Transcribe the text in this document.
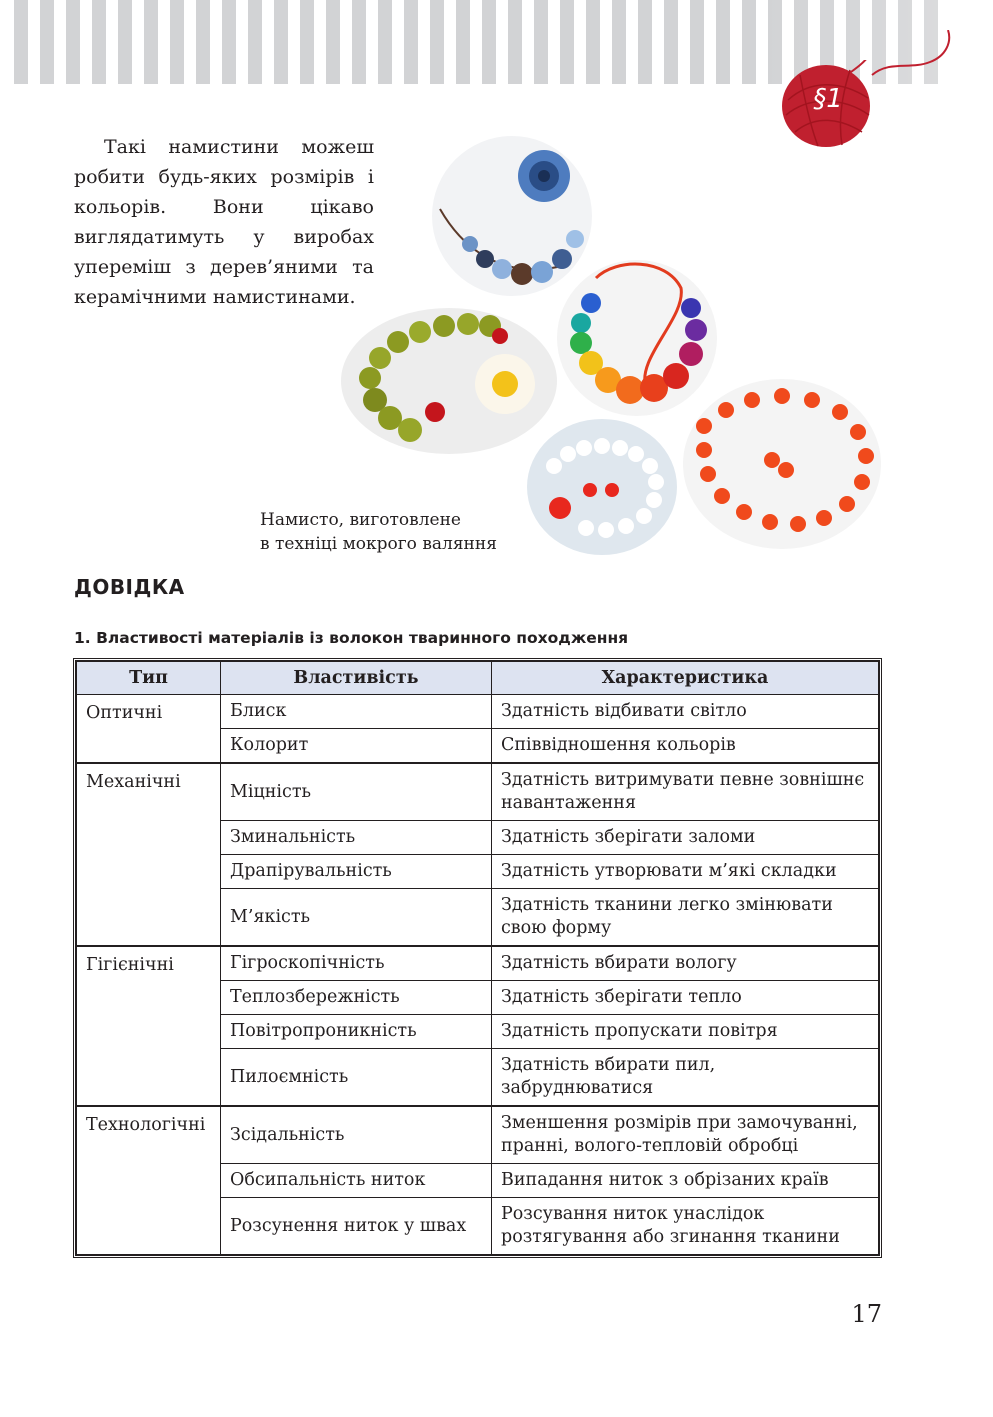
§1
Такі намистини можеш робити будь-яких розмірів і кольорів. Вони цікаво виглядатимуть у виробах упереміш з дерев’яними та керамічними намистинами.
Намисто, виготовлене
в техніці мокрого валяння
ДОВІДКА
1. Властивості матеріалів із волокон тваринного походження
Тип	Властивість	Характеристика
Оптичні	Блиск	Здатність відбивати світло
	Колорит	Співвідношення кольорів
Механічні	Міцність	Здатність витримувати певне зовнішнє навантаження
	Зминальність	Здатність зберігати заломи
	Драпірувальність	Здатність утворювати м’які складки
	М’якість	Здатність тканини легко змінювати свою форму
Гігієнічні	Гігроскопічність	Здатність вбирати вологу
	Теплозбережність	Здатність зберігати тепло
	Повітропроникність	Здатність пропускати повітря
	Пилоємність	Здатність вбирати пил, забруднюватися
Технологічні	Зсідальність	Зменшення розмірів при замочуванні, пранні, волого-тепловій обробці
	Обсипальність ниток	Випадання ниток з обрізаних країв
	Розсунення ниток у швах	Розсування ниток унаслідок розтягування або згинання тканини
17
